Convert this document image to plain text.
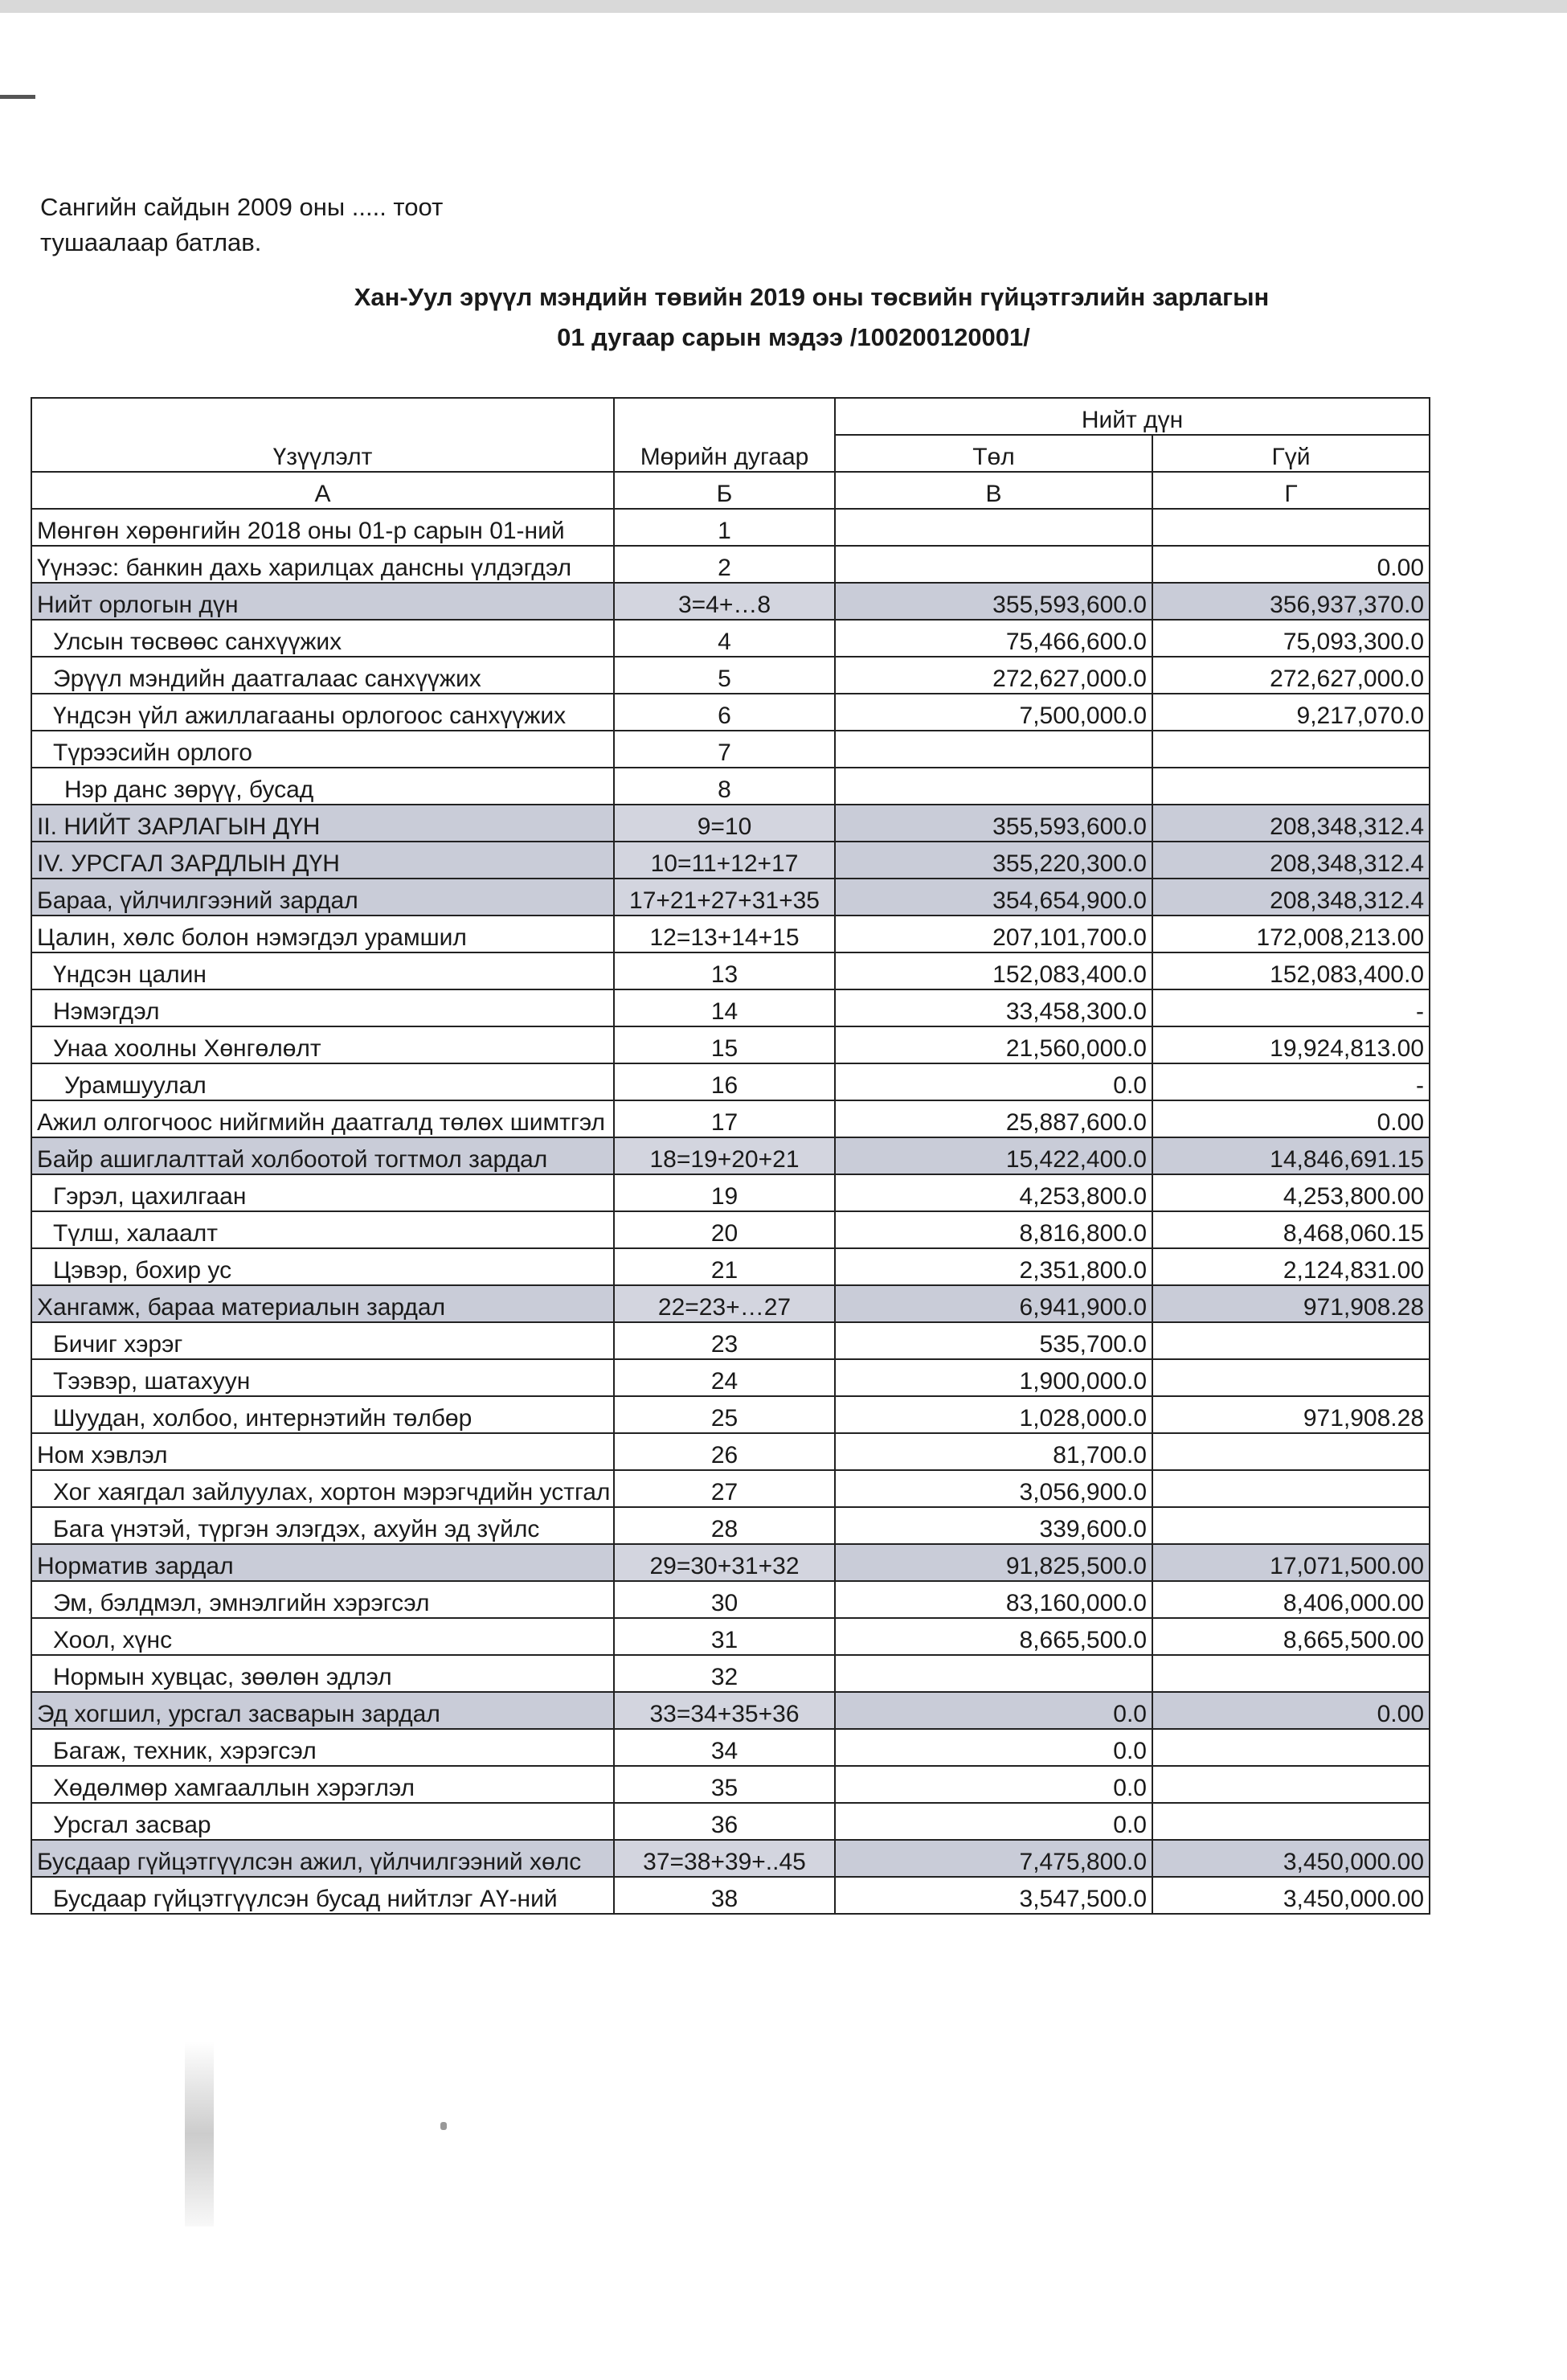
Сангийн сайдын 2009 оны ..... тоот
тушаалаар батлав.
Хан-Уул эрүүл мэндийн төвийн 2019 оны төсвийн гүйцэтгэлийн зарлагын
01 дугаар сарын мэдээ /100200120001/
Үзүүлэлт	Мөрийн дугаар	Нийт дүн	
		Төл	Гүй
А	Б	В	Г
Мөнгөн хөрөнгийн 2018 оны 01-р сарын 01-ний	1		
Үүнээс: банкин дахь харилцах дансны үлдэгдэл	2		0.00
Нийт орлогын дүн	3=4+…8	355,593,600.0	356,937,370.0
Улсын төсвөөс санхүүжих	4	75,466,600.0	75,093,300.0
Эрүүл мэндийн даатгалаас санхүүжих	5	272,627,000.0	272,627,000.0
Үндсэн үйл ажиллагааны орлогоос санхүүжих	6	7,500,000.0	9,217,070.0
Түрээсийн орлого	7		
Нэр данс зөрүү, бусад	8		
II. НИЙТ ЗАРЛАГЫН ДҮН	9=10	355,593,600.0	208,348,312.4
IV. УРСГАЛ ЗАРДЛЫН ДҮН	10=11+12+17	355,220,300.0	208,348,312.4
Бараа, үйлчилгээний зардал	17+21+27+31+35	354,654,900.0	208,348,312.4
Цалин, хөлс болон нэмэгдэл урамшил	12=13+14+15	207,101,700.0	172,008,213.00
Үндсэн цалин	13	152,083,400.0	152,083,400.0
Нэмэгдэл	14	33,458,300.0	-
Унаа хоолны Хөнгөлөлт	15	21,560,000.0	19,924,813.00
Урамшуулал	16	0.0	-
Ажил олгогчоос нийгмийн даатгалд төлөх шимтгэл	17	25,887,600.0	0.00
Байр ашиглалттай холбоотой тогтмол зардал	18=19+20+21	15,422,400.0	14,846,691.15
Гэрэл, цахилгаан	19	4,253,800.0	4,253,800.00
Түлш, халаалт	20	8,816,800.0	8,468,060.15
Цэвэр, бохир ус	21	2,351,800.0	2,124,831.00
Хангамж, бараа материалын зардал	22=23+…27	6,941,900.0	971,908.28
Бичиг хэрэг	23	535,700.0	
Тээвэр, шатахуун	24	1,900,000.0	
Шуудан, холбоо, интернэтийн төлбөр	25	1,028,000.0	971,908.28
Ном хэвлэл	26	81,700.0	
Хог хаягдал зайлуулах, хортон мэрэгчдийн устгал	27	3,056,900.0	
Бага үнэтэй, түргэн элэгдэх, ахуйн эд зүйлс	28	339,600.0	
Норматив зардал	29=30+31+32	91,825,500.0	17,071,500.00
Эм, бэлдмэл, эмнэлгийн хэрэгсэл	30	83,160,000.0	8,406,000.00
Хоол, хүнс	31	8,665,500.0	8,665,500.00
Нормын хувцас, зөөлөн эдлэл	32		
Эд хогшил, урсгал засварын зардал	33=34+35+36	0.0	0.00
Багаж, техник, хэрэгсэл	34	0.0	
Хөдөлмөр хамгааллын хэрэглэл	35	0.0	
Урсгал засвар	36	0.0	
Бусдаар гүйцэтгүүлсэн ажил, үйлчилгээний хөлс	37=38+39+..45	7,475,800.0	3,450,000.00
Бусдаар гүйцэтгүүлсэн бусад нийтлэг АҮ-ний	38	3,547,500.0	3,450,000.00
